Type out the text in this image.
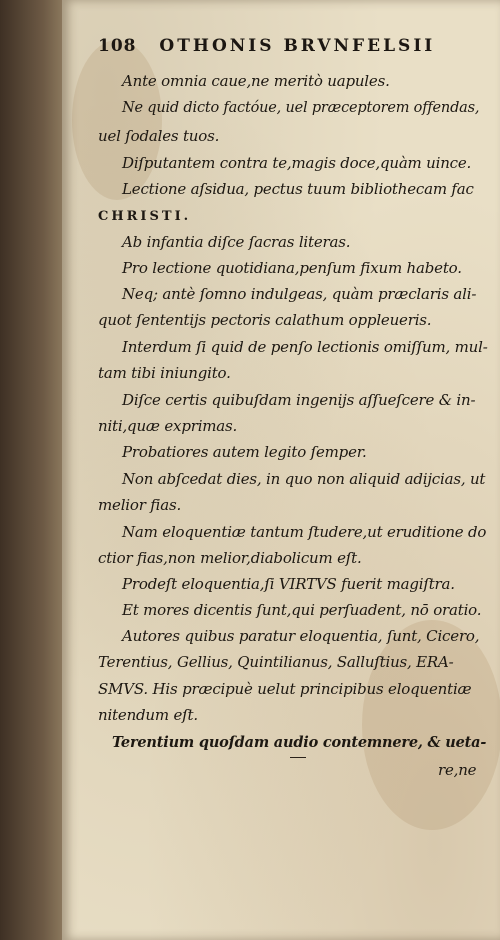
108 OTHONIS BRVNFELSII
Ante omnia caue,ne meritò uapules.
Ne quid dicto factóue, uel præceptorem offendas,
uel ſodales tuos.
Diſputantem contra te,magis doce,quàm uince.
Lectione aſsidua, pectus tuum bibliothecam fac
CHRISTI.
Ab infantia diſce ſacras literas.
Pro lectione quotidiana,penſum fixum habeto.
Neq; antè ſomno indulgeas, quàm præclaris ali-
quot ſententijs pectoris calathum oppleueris.
Interdum ſi quid de penſo lectionis omiſſum, mul-
tam tibi iniungito.
Diſce certis quibuſdam ingenijs aſſueſcere & in-
niti,quæ exprimas.
Probatiores autem legito ſemper.
Non abſcedat dies, in quo non aliquid adijcias, ut
melior fias.
Nam eloquentiæ tantum ſtudere,ut eruditione do
ctior fias,non melior,diabolicum eſt.
Prodeſt eloquentia,ſi VIRTVS fuerit magiſtra.
Et mores dicentis ſunt,qui perſuadent, nō oratio.
Autores quibus paratur eloquentia, ſunt, Cicero,
Terentius, Gellius, Quintilianus, Salluſtius, ERA-
SMVS. His præcipuè uelut principibus eloquentiæ
nitendum eſt.
Terentium quoſdam audio contemnere, & ueta-
re,ne
